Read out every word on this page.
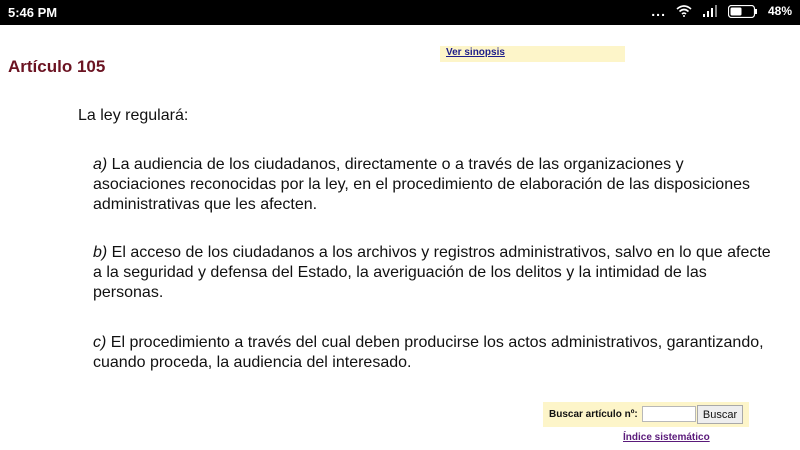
5:46 PM	...	48%
Artículo 105
Ver sinopsis

La ley regulará:

a) La audiencia de los ciudadanos, directamente o a través de las organizaciones y asociaciones reconocidas por la ley, en el procedimiento de elaboración de las disposiciones administrativas que les afecten.

b) El acceso de los ciudadanos a los archivos y registros administrativos, salvo en lo que afecte a la seguridad y defensa del Estado, la averiguación de los delitos y la intimidad de las personas.

c) El procedimiento a través del cual deben producirse los actos administrativos, garantizando, cuando proceda, la audiencia del interesado.

Buscar artículo nº:	Buscar
Índice sistemático
